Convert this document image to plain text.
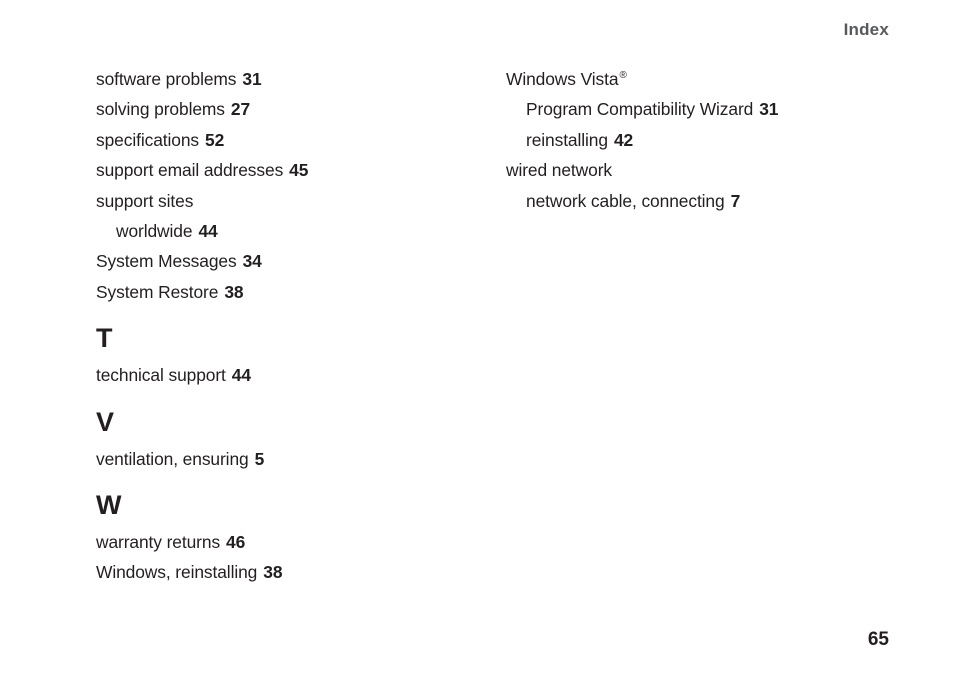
Index
software problems 31
solving problems 27
specifications 52
support email addresses 45
support sites
worldwide 44
System Messages 34
System Restore 38
T
technical support 44
V
ventilation, ensuring 5
W
warranty returns 46
Windows, reinstalling 38
Windows Vista®
Program Compatibility Wizard 31
reinstalling 42
wired network
network cable, connecting 7
65
